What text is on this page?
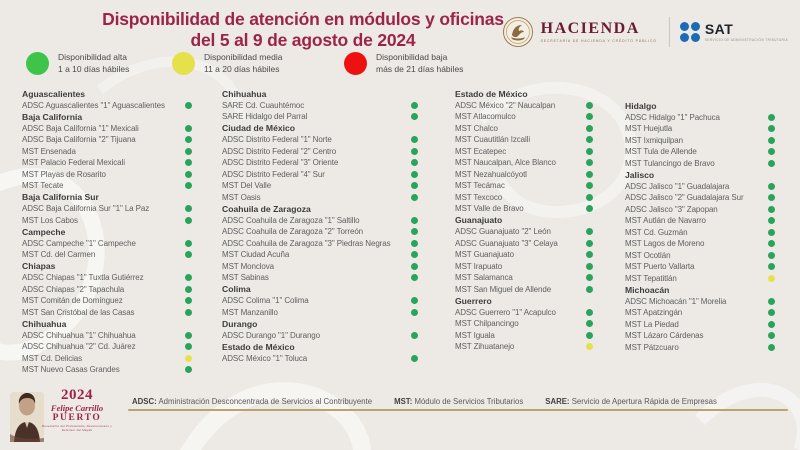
Disponibilidad de atención en módulos y oficinas
del 5 al 9 de agosto de 2024
HACIENDA
SECRETARÍA DE HACIENDA Y CRÉDITO PÚBLICO
SAT
SERVICIO DE ADMINISTRACIÓN TRIBUTARIA
Disponibilidad alta
1 a 10 días hábiles
Disponibilidad media
11 a 20 días hábiles
Disponibilidad baja
más de 21 días hábiles
Aguascalientes
ADSC Aguascalientes "1" Aguascalientes
Baja California
ADSC Baja California "1" Mexicali
ADSC Baja California "2" Tijuana
MST Ensenada
MST Palacio Federal Mexicali
MST Playas de Rosarito
MST Tecate
Baja California Sur
ADSC Baja California Sur "1" La Paz
MST Los Cabos
Campeche
ADSC Campeche "1" Campeche
MST Cd. del Carmen
Chiapas
ADSC Chiapas "1" Tuxtla Gutiérrez
ADSC Chiapas "2" Tapachula
MST Comitán de Domínguez
MST San Cristóbal de las Casas
Chihuahua
ADSC Chihuahua "1" Chihuahua
ADSC Chihuahua "2" Cd. Juárez
MST Cd. Delicias
MST Nuevo Casas Grandes
Chihuahua
SARE Cd. Cuauhtémoc
SARE Hidalgo del Parral
Ciudad de México
ADSC Distrito Federal "1" Norte
ADSC Distrito Federal "2" Centro
ADSC Distrito Federal "3" Oriente
ADSC Distrito Federal "4" Sur
MST Del Valle
MST Oasis
Coahuila de Zaragoza
ADSC Coahuila de Zaragoza "1" Saltillo
ADSC Coahuila de Zaragoza "2" Torreón
ADSC Coahuila de Zaragoza "3" Piedras Negras
MST Ciudad Acuña
MST Monclova
MST Sabinas
Colima
ADSC Colima "1" Colima
MST Manzanillo
Durango
ADSC Durango "1" Durango
Estado de México
ADSC México "1" Toluca
Estado de México
ADSC México "2" Naucalpan
MST Atlacomulco
MST Chalco
MST Cuautitlán Izcalli
MST Ecatepec
MST Naucalpan, Alce Blanco
MST Nezahualcóyotl
MST Tecámac
MST Texcoco
MST Valle de Bravo
Guanajuato
ADSC Guanajuato "2" León
ADSC Guanajuato "3" Celaya
MST Guanajuato
MST Irapuato
MST Salamanca
MST San Miguel de Allende
Guerrero
ADSC Guerrero "1" Acapulco
MST Chilpancingo
MST Iguala
MST Zihuatanejo
Hidalgo
ADSC Hidalgo "1" Pachuca
MST Huejutla
MST Ixmiquilpan
MST Tula de Allende
MST Tulancingo de Bravo
Jalisco
ADSC Jalisco "1" Guadalajara
ADSC Jalisco "2" Guadalajara Sur
ADSC Jalisco "3" Zapopan
MST Autlán de Navarro
MST Cd. Guzmán
MST Lagos de Moreno
MST Ocotlán
MST Puerto Vallarta
MST Tepatitlán
Michoacán
ADSC Michoacán "1" Morelia
MST Apatzingán
MST La Piedad
MST Lázaro Cárdenas
MST Pátzcuaro
ADSC: Administración Desconcentrada de Servicios al Contribuyente	MST: Módulo de Servicios Tributarios	SARE: Servicio de Apertura Rápida de Empresas
2024
Felipe Carrillo
PUERTO
Benemérito del Proletariado, Revolucionario y Defensor del Mayab
